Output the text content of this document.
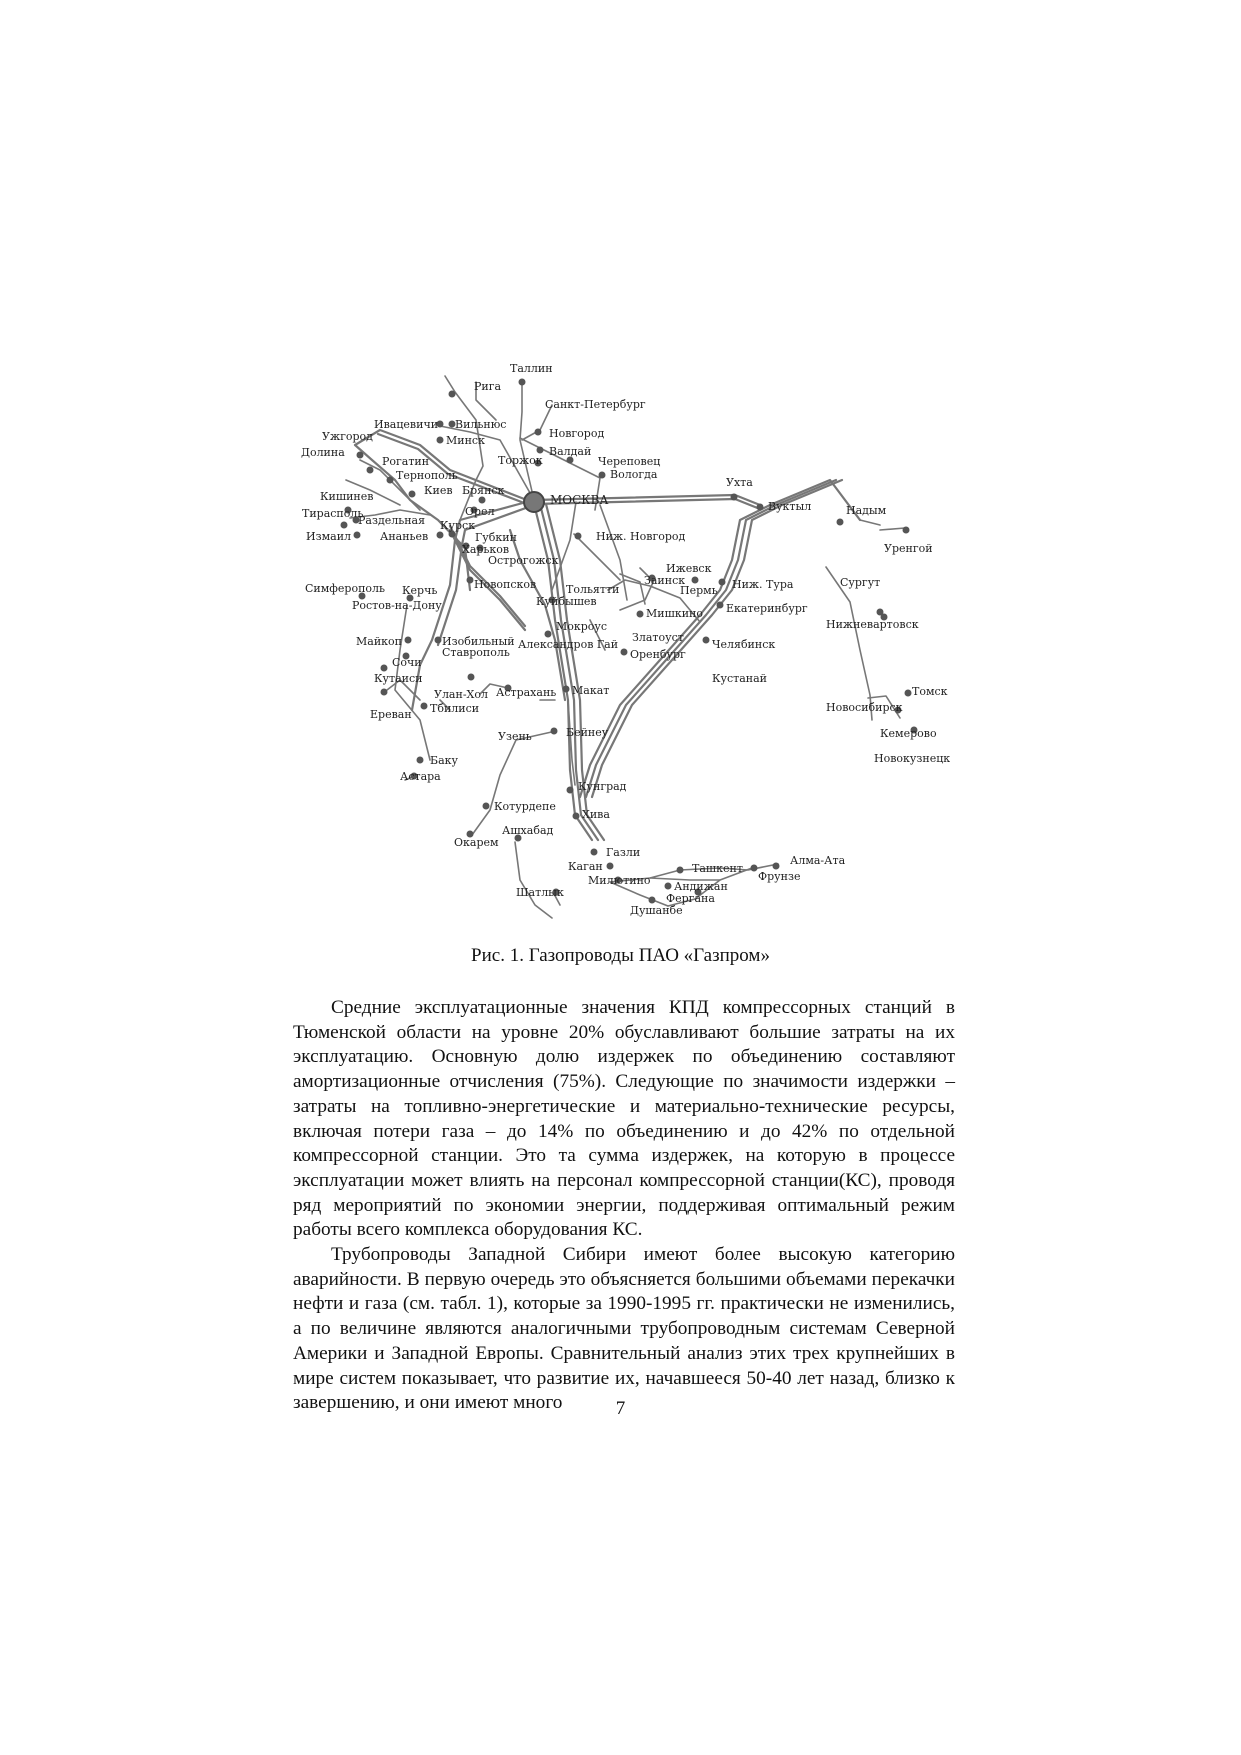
Таллин
Рига
Санкт-Петербург
Вильнюс
Ивацевичи
Ужгород
Долина
Минск
Новгород
Валдай
Торжок	Череповец
Вологда
Рогатин
Тернополь
Киев Брянск
МОСКВА
Ухта
Вуктыл	Надым
Уренгой
Кишинев
Тирасполь
Раздельная
Измаил	Ананьев
Орел
Курск
Губкин
Харьков
Острогожск
Ниж. Новгород
Ижевск
Заинск
Пермь Ниж. Тура	Сургут
Симферополь Керчь
Ростов-на-Дону
Новопсков	Тольятти
Куйбышев
Мишкино Екатеринбург
Нижневартовск
Майкоп	Изобильный
Ставрополь
Мокроус
Александров Гай
Златоуст
Оренбург
Челябинск
Сочи
Кустанай
Кутаиси
Улан-Хол Астрахань Макат	Томск
Ереван Тбилиси	Новосибирск
Кемерово
Узень	Бейнеу
Новокузнецк
Баку
Астара
Кунград
Котурдепе
Хива
Ашхабад
Окарем
Газли
Алма-Ата
Ташкент
Фрунзе
Каган
Андижан
Милютино
Шатлык	Фергана
Душанбе
Рис. 1. Газопроводы ПАО «Газпром»

Средние эксплуатационные значения КПД компрессорных станций в Тюменской области на уровне 20% обуславливают большие затраты на их эксплуатацию. Основную долю издержек по объединению составляют амортизационные отчисления (75%). Следующие по значимости издержки – затраты на топливно-энергетические и материально-технические ресурсы, включая потери газа – до 14% по объединению и до 42% по отдельной компрессорной станции. Это та сумма издержек, на которую в процессе эксплуатации может влиять на персонал компрессорной станции(КС), проводя ряд мероприятий по экономии энергии, поддерживая оптимальный режим работы всего комплекса оборудования КС.

Трубопроводы Западной Сибири имеют более высокую категорию аварийности. В первую очередь это объясняется большими объемами перекачки нефти и газа (см. табл. 1), которые за 1990-1995 гг. практически не изменились, а по величине являются аналогичными трубопроводным системам Северной Америки и Западной Европы. Сравнительный анализ этих трех крупнейших в мире систем показывает, что развитие их, начавшееся 50-40 лет назад, близко к завершению, и они имеют много	7
